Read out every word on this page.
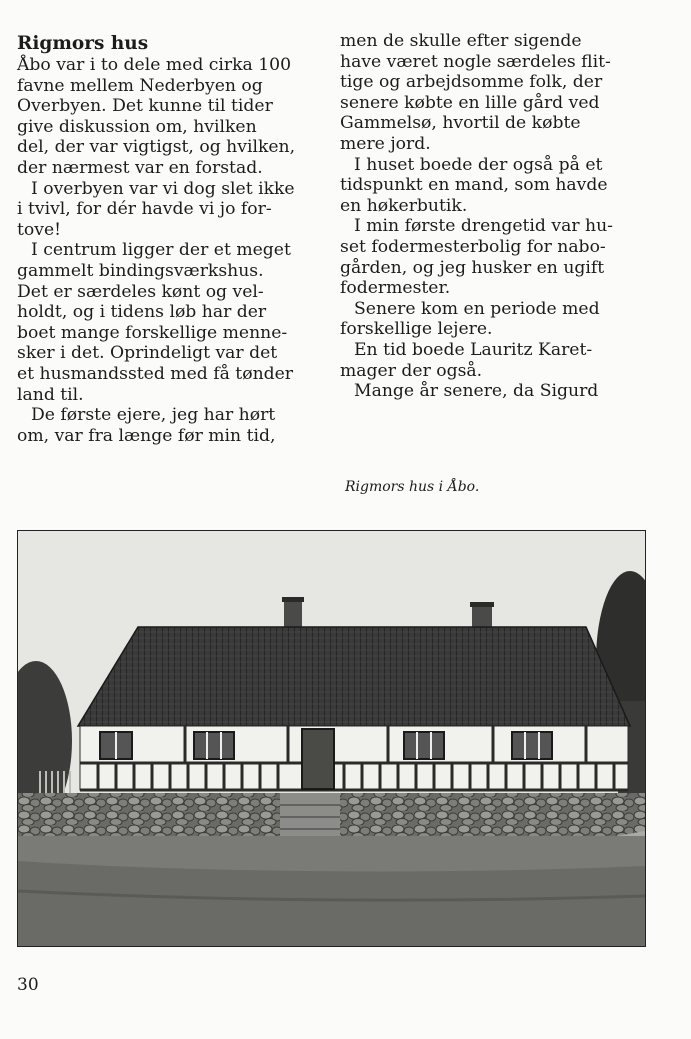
Rigmors hus
Åbo var i to dele med cirka 100
favne mellem Nederbyen og
Overbyen. Det kunne til tider
give diskussion om, hvilken
del, der var vigtigst, og hvilken,
der nærmest var en forstad.
I overbyen var vi dog slet ikke
i tvivl, for dér havde vi jo for-
tove!
I centrum ligger der et meget
gammelt bindingsværkshus.
Det er særdeles kønt og vel-
holdt, og i tidens løb har der
boet mange forskellige menne-
sker i det. Oprindeligt var det
et husmandssted med få tønder
land til.
De første ejere, jeg har hørt
om, var fra længe før min tid,
men de skulle efter sigende
have været nogle særdeles flit-
tige og arbejdsomme folk, der
senere købte en lille gård ved
Gammelsø, hvortil de købte
mere jord.
I huset boede der også på et
tidspunkt en mand, som havde
en høkerbutik.
I min første drengetid var hu-
set fodermesterbolig for nabo-
gården, og jeg husker en ugift
fodermester.
Senere kom en periode med
forskellige lejere.
En tid boede Lauritz Karet-
mager der også.
Mange år senere, da Sigurd
Rigmors hus i Åbo.
30
